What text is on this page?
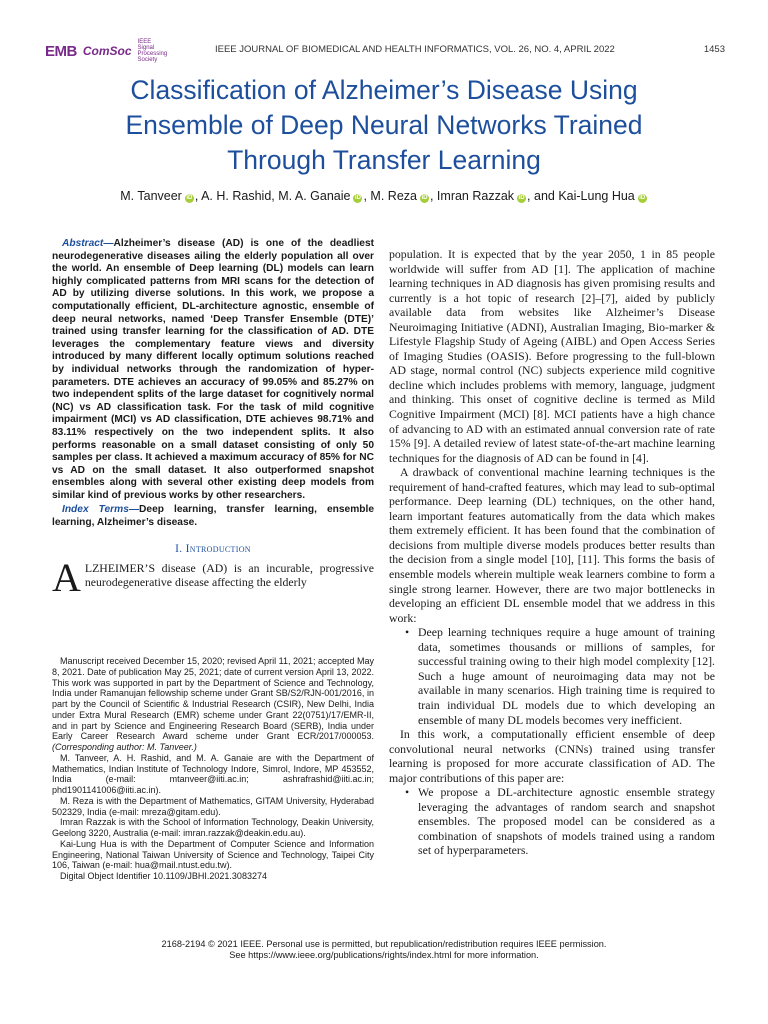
EMB ComSoc
IEEE Signal Processing Society
IEEE JOURNAL OF BIOMEDICAL AND HEALTH INFORMATICS, VOL. 26, NO. 4, APRIL 2022	1453
Classification of Alzheimer’s Disease Using
Ensemble of Deep Neural Networks Trained
Through Transfer Learning
M. Tanveer iD , A. H. Rashid, M. A. Ganaie iD , M. Reza iD , Imran Razzak iD , and Kai-Lung Hua iD

Abstract—Alzheimer’s disease (AD) is one of the deadliest neurodegenerative diseases ailing the elderly population all over the world. An ensemble of Deep learning (DL) models can learn highly complicated patterns from MRI scans for the detection of AD by utilizing diverse solutions. In this work, we propose a computationally efficient, DL-architecture agnostic, ensemble of deep neural networks, named ‘Deep Transfer Ensemble (DTE)’ trained using transfer learning for the classification of AD. DTE leverages the complementary feature views and diversity introduced by many different locally optimum solutions reached by individual networks through the randomization of hyper-parameters. DTE achieves an accuracy of 99.05% and 85.27% on two independent splits of the large dataset for cognitively normal (NC) vs AD classification task. For the task of mild cognitive impairment (MCI) vs AD classification, DTE achieves 98.71% and 83.11% respectively on the two independent splits. It also performs reasonable on a small dataset consisting of only 50 samples per class. It achieved a maximum accuracy of 85% for NC vs AD on the small dataset. It also outperformed snapshot ensembles along with several other existing deep models from similar kind of previous works by other researchers.

Index Terms—Deep learning, transfer learning, ensemble learning, Alzheimer’s disease.

I. Introduction

ALZHEIMER’S disease (AD) is an incurable, progressive neurodegenerative disease affecting the elderly

Manuscript received December 15, 2020; revised April 11, 2021; accepted May 8, 2021. Date of publication May 25, 2021; date of current version April 13, 2022. This work was supported in part by the Department of Science and Technology, India under Ramanujan fellowship scheme under Grant SB/S2/RJN-001/2016, in part by the Council of Scientific & Industrial Research (CSIR), New Delhi, India under Extra Mural Research (EMR) scheme under Grant 22(0751)/17/EMR-II, and in part by Science and Engineering Research Board (SERB), India under Early Career Research Award scheme under Grant ECR/2017/000053. (Corresponding author: M. Tanveer.)

M. Tanveer, A. H. Rashid, and M. A. Ganaie are with the Department of Mathematics, Indian Institute of Technology Indore, Simrol, Indore, MP 453552, India (e-mail: mtanveer@iiti.ac.in; ashrafrashid@iiti.ac.in; phd1901141006@iiti.ac.in).

M. Reza is with the Department of Mathematics, GITAM University, Hyderabad 502329, India (e-mail: mreza@gitam.edu).

Imran Razzak is with the School of Information Technology, Deakin University, Geelong 3220, Australia (e-mail: imran.razzak@deakin.edu.au).

Kai-Lung Hua is with the Department of Computer Science and Information Engineering, National Taiwan University of Science and Technology, Taipei City 106, Taiwan (e-mail: hua@mail.ntust.edu.tw).

Digital Object Identifier 10.1109/JBHI.2021.3083274

population. It is expected that by the year 2050, 1 in 85 people worldwide will suffer from AD [1]. The application of machine learning techniques in AD diagnosis has given promising results and currently is a hot topic of research [2]–[7], aided by publicly available data from websites like Alzheimer’s Disease Neuroimaging Initiative (ADNI), Australian Imaging, Bio-marker & Lifestyle Flagship Study of Ageing (AIBL) and Open Access Series of Imaging Studies (OASIS). Before progressing to the full-blown AD stage, normal control (NC) subjects experience mild cognitive decline which includes problems with memory, language, judgment and thinking. This onset of cognitive decline is termed as Mild Cognitive Impairment (MCI) [8]. MCI patients have a high chance of advancing to AD with an estimated annual conversion rate of rate 15% [9]. A detailed review of latest state-of-the-art machine learning techniques for the diagnosis of AD can be found in [4].

A drawback of conventional machine learning techniques is the requirement of hand-crafted features, which may lead to sub-optimal performance. Deep learning (DL) techniques, on the other hand, learn important features automatically from the data which makes them extremely efficient. It has been found that the combination of decisions from multiple diverse models produces better results than the decision from a single model [10], [11]. This forms the basis of ensemble models wherein multiple weak learners combine to form a single strong learner. However, there are two major bottlenecks in developing an efficient DL ensemble model that we address in this work:

• Deep learning techniques require a huge amount of training data, sometimes thousands or millions of samples, for successful training owing to their high model complexity [12]. Such a huge amount of neuroimaging data may not be available in many scenarios. High training time is required to train individual DL models due to which developing an ensemble of many DL models becomes very inefficient.

In this work, a computationally efficient ensemble of deep convolutional neural networks (CNNs) trained using transfer learning is proposed for more accurate classification of AD. The major contributions of this paper are:

• We propose a DL-architecture agnostic ensemble strategy leveraging the advantages of random search and snapshot ensembles. The proposed model can be considered as a combination of snapshots of models trained using a random set of hyperparameters.
2168-2194 © 2021 IEEE. Personal use is permitted, but republication/redistribution requires IEEE permission.
See https://www.ieee.org/publications/rights/index.html for more information.
